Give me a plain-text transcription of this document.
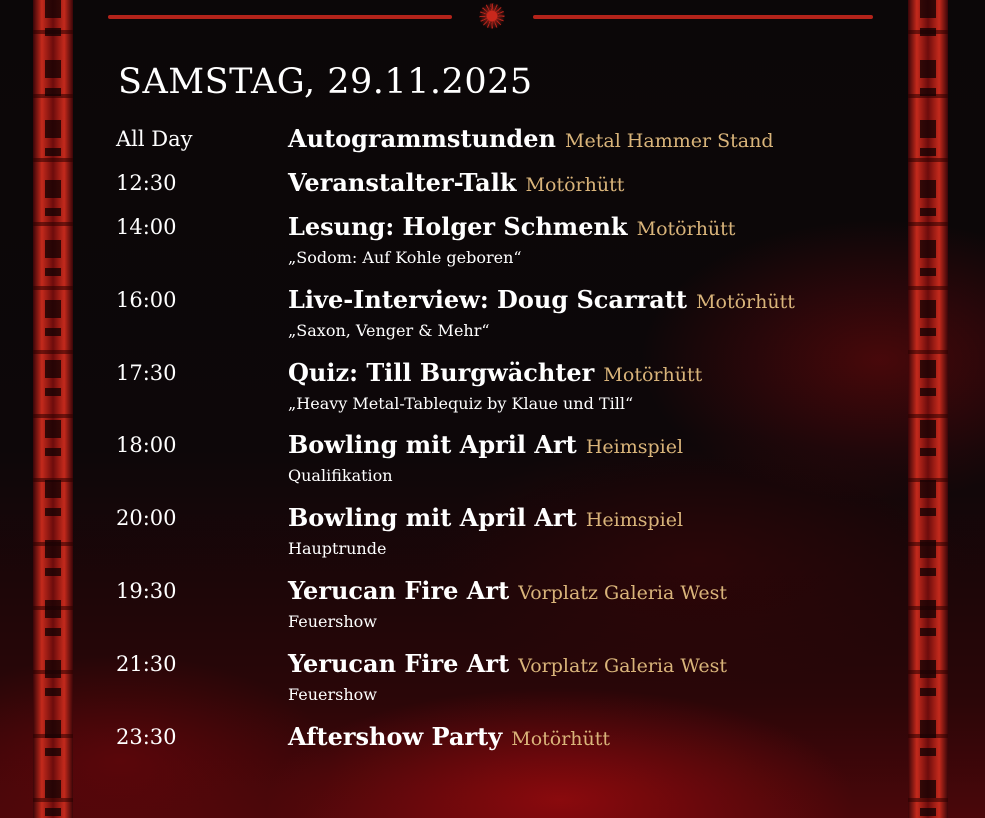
SAMSTAG, 29.11.2025
All Day	Autogrammstunden Metal Hammer Stand
12:30	Veranstalter-Talk Motörhütt
14:00	Lesung: Holger Schmenk Motörhütt
„Sodom: Auf Kohle geboren“
16:00	Live-Interview: Doug Scarratt Motörhütt
„Saxon, Venger & Mehr“
17:30	Quiz: Till Burgwächter Motörhütt
„Heavy Metal-Tablequiz by Klaue und Till“
18:00	Bowling mit April Art Heimspiel
Qualifikation
20:00	Bowling mit April Art Heimspiel
Hauptrunde
19:30	Yerucan Fire Art Vorplatz Galeria West
Feuershow
21:30	Yerucan Fire Art Vorplatz Galeria West
Feuershow
23:30	Aftershow Party Motörhütt
